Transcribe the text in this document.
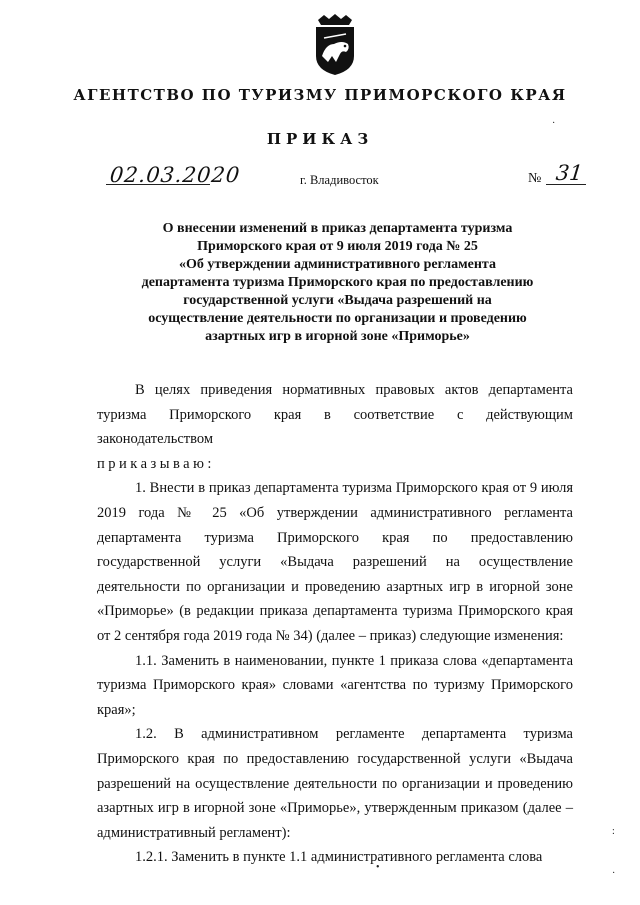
АГЕНТСТВО ПО ТУРИЗМУ ПРИМОРСКОГО КРАЯ
ПРИКАЗ
02.03.2020	г. Владивосток	№ 31
О внесении изменений в приказ департамента туризма
Приморского края от 9 июля 2019 года № 25
«Об утверждении административного регламента
департамента туризма Приморского края по предоставлению
государственной услуги «Выдача разрешений на
осуществление деятельности по организации и проведению
азартных игр в игорной зоне «Приморье»

В целях приведения нормативных правовых актов департамента туризма Приморского края в соответствие с действующим законодательством

приказываю:

1. Внести в приказ департамента туризма Приморского края от 9 июля 2019 года № 25 «Об утверждении административного регламента департамента туризма Приморского края по предоставлению государственной услуги «Выдача разрешений на осуществление деятельности по организации и проведению азартных игр в игорной зоне «Приморье» (в редакции приказа департамента туризма Приморского края от 2 сентября года 2019 года № 34) (далее – приказ) следующие изменения:

1.1. Заменить в наименовании, пункте 1 приказа слова «департамента туризма Приморского края» словами «агентства по туризму Приморского края»;

1.2. В административном регламенте департамента туризма Приморского края по предоставлению государственной услуги «Выдача разрешений на осуществление деятельности по организации и проведению азартных игр в игорной зоне «Приморье», утвержденным приказом (далее – административный регламент):

1.2.1. Заменить в пункте 1.1 административного регламента слова

·
:
·
•
